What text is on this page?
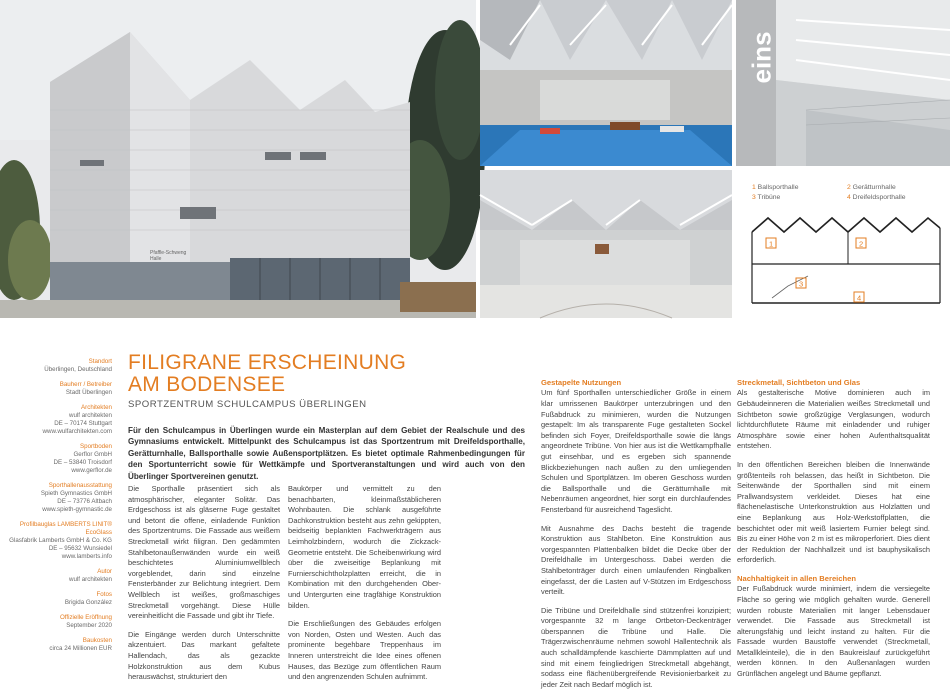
Pfaffle-Schweng Halle
eins
1 Ballsporthalle	2 Gerätturnhalle
3 Tribüne	4 Dreifeldsporthalle
1	2
3
4
Standort
Überlingen, Deutschland
Bauherr / Betreiber
Stadt Überlingen
Architekten
wulf architekten
DE – 70174 Stuttgart
www.wulfarchitekten.com
Sportboden
Gerflor GmbH
DE – 53840 Troisdorf
www.gerflor.de
Sporthallenausstattung
Spieth Gymnastics GmbH
DE – 73776 Altbach
www.spieth-gymnastic.de
Profilbauglas LAMBERTS LINIT® EcoGlass
Glasfabrik Lamberts GmbH & Co. KG
DE – 95632 Wunsiedel
www.lamberts.info
Autor
wulf architekten
Fotos
Brigida González
Offizielle Eröffnung
September 2020
Baukosten
circa 24 Millionen EUR
FILIGRANE ERSCHEINUNG
AM BODENSEE
SPORTZENTRUM SCHULCAMPUS ÜBERLINGEN

Für den Schulcampus in Überlingen wurde ein Masterplan auf dem Gebiet der Realschule und des Gymnasiums entwickelt. Mittelpunkt des Schulcampus ist das Sportzentrum mit Dreifeldsporthalle, Gerätturnhalle, Ballsporthalle sowie Außensportplätzen. Es bietet optimale Rahmenbedingungen für den Sportunterricht sowie für Wettkämpfe und Sportveranstaltungen und wird auch von den Überlinger Sportvereinen genutzt.

Die Sporthalle präsentiert sich als atmosphärischer, eleganter Solitär. Das Erdgeschoss ist als gläserne Fuge gestaltet und betont die offene, einladende Funktion des Sportzentrums. Die Fassade aus weißem Streckmetall wirkt filigran. Den gedämmten Stahlbetonaußenwänden wurde ein weiß beschichtetes Aluminiumwellblech vorgeblendet, darin sind einzelne Fensterbänder zur Belichtung integriert. Dem Wellblech ist weißes, großmaschiges Streckmetall vorgehängt. Diese Hülle vereinheitlicht die Fassade und gibt ihr Tiefe.

Die Eingänge werden durch Unterschnitte akzentuiert. Das markant gefaltete Hallendach, das als gezackte Holzkonstruktion aus dem Kubus herauswächst, strukturiert den

Baukörper und vermittelt zu den benachbarten, kleinmaßstäblicheren Wohnbauten. Die schlank ausgeführte Dachkonstruktion besteht aus zehn gekippten, beidseitig beplankten Fachwerkträgern aus Leimholzbindern, wodurch die Zickzack-Geometrie entsteht. Die Scheibenwirkung wird über die zweiseitige Beplankung mit Furnierschichtholzplatten erreicht, die in Kombination mit den durchgehenden Ober- und Untergurten eine tragfähige Konstruktion bilden.

Die Erschließungen des Gebäudes erfolgen von Norden, Osten und Westen. Auch das prominente begehbare Treppenhaus im Inneren unterstreicht die Idee eines offenen Hauses, das Bezüge zum öffentlichen Raum und den angrenzenden Schulen aufnimmt.

Gestapelte Nutzungen

Um fünf Sporthallen unterschiedlicher Größe in einem klar umrissenen Baukörper unterzubringen und den Fußabdruck zu minimieren, wurden die Nutzungen gestapelt: Im als transparente Fuge gestalteten Sockel befinden sich Foyer, Dreifeldsporthalle sowie die längs angeordnete Tribüne. Von hier aus ist die Wettkampfhalle gut einsehbar, und es ergeben sich spannende Blickbeziehungen nach außen zu den umliegenden Schulen und Sportplätzen. Im oberen Geschoss wurden die Ballsporthalle und die Gerätturnhalle mit Nebenräumen angeordnet, hier sorgt ein durchlaufendes Fensterband für ausreichend Tageslicht.

Mit Ausnahme des Dachs besteht die tragende Konstruktion aus Stahlbeton. Eine Konstruktion aus vorgespannten Plattenbalken bildet die Decke über der Dreifeldhalle im Untergeschoss. Dabei werden die Stahlbetonträger durch einen umlaufenden Ringbalken eingefasst, der die Lasten auf V-Stützen im Erdgeschoss verteilt.

Die Tribüne und Dreifeldhalle sind stützenfrei konzipiert; vorgespannte 32 m lange Ortbeton-Deckenträger überspannen die Tribüne und Halle. Die Trägerzwischenräume nehmen sowohl Hallentechnik als auch schalldämpfende kaschierte Dämmplatten auf und sind mit einem feingliedrigen Streckmetall abgehängt, sodass eine flächenübergreifende Revisionierbarkeit zu jeder Zeit nach Bedarf möglich ist.

Streckmetall, Sichtbeton und Glas

Als gestalterische Motive dominieren auch im Gebäudeinneren die Materialien weißes Streckmetall und Sichtbeton sowie großzügige Verglasungen, wodurch lichtdurchflutete Räume mit einladender und ruhiger Atmosphäre sowie einer hohen Aufenthaltsqualität entstehen.

In den öffentlichen Bereichen bleiben die Innenwände größtenteils roh belassen, das heißt in Sichtbeton. Die Seitenwände der Sporthallen sind mit einem Prallwandsystem verkleidet. Dieses hat eine flächenelastische Unterkonstruktion aus Holzlatten und eine Beplankung aus Holz-Werkstoffplatten, die beschichtet oder mit weiß lasiertem Furnier belegt sind. Bis zu einer Höhe von 2 m ist es mikroperforiert. Dies dient der Reduktion der Nachhallzeit und ist bauphysikalisch erforderlich.

Nachhaltigkeit in allen Bereichen

Der Fußabdruck wurde minimiert, indem die versiegelte Fläche so gering wie möglich gehalten wurde. Generell wurden robuste Materialien mit langer Lebensdauer verwendet. Die Fassade aus Streckmetall ist alterungsfähig und leicht instand zu halten. Für die Fassade wurden Baustoffe verwendet (Streckmetall, Metallkleinteile), die in den Baukreislauf zurückgeführt werden können. In den Außenanlagen wurden Grünflächen angelegt und Bäume gepflanzt.
